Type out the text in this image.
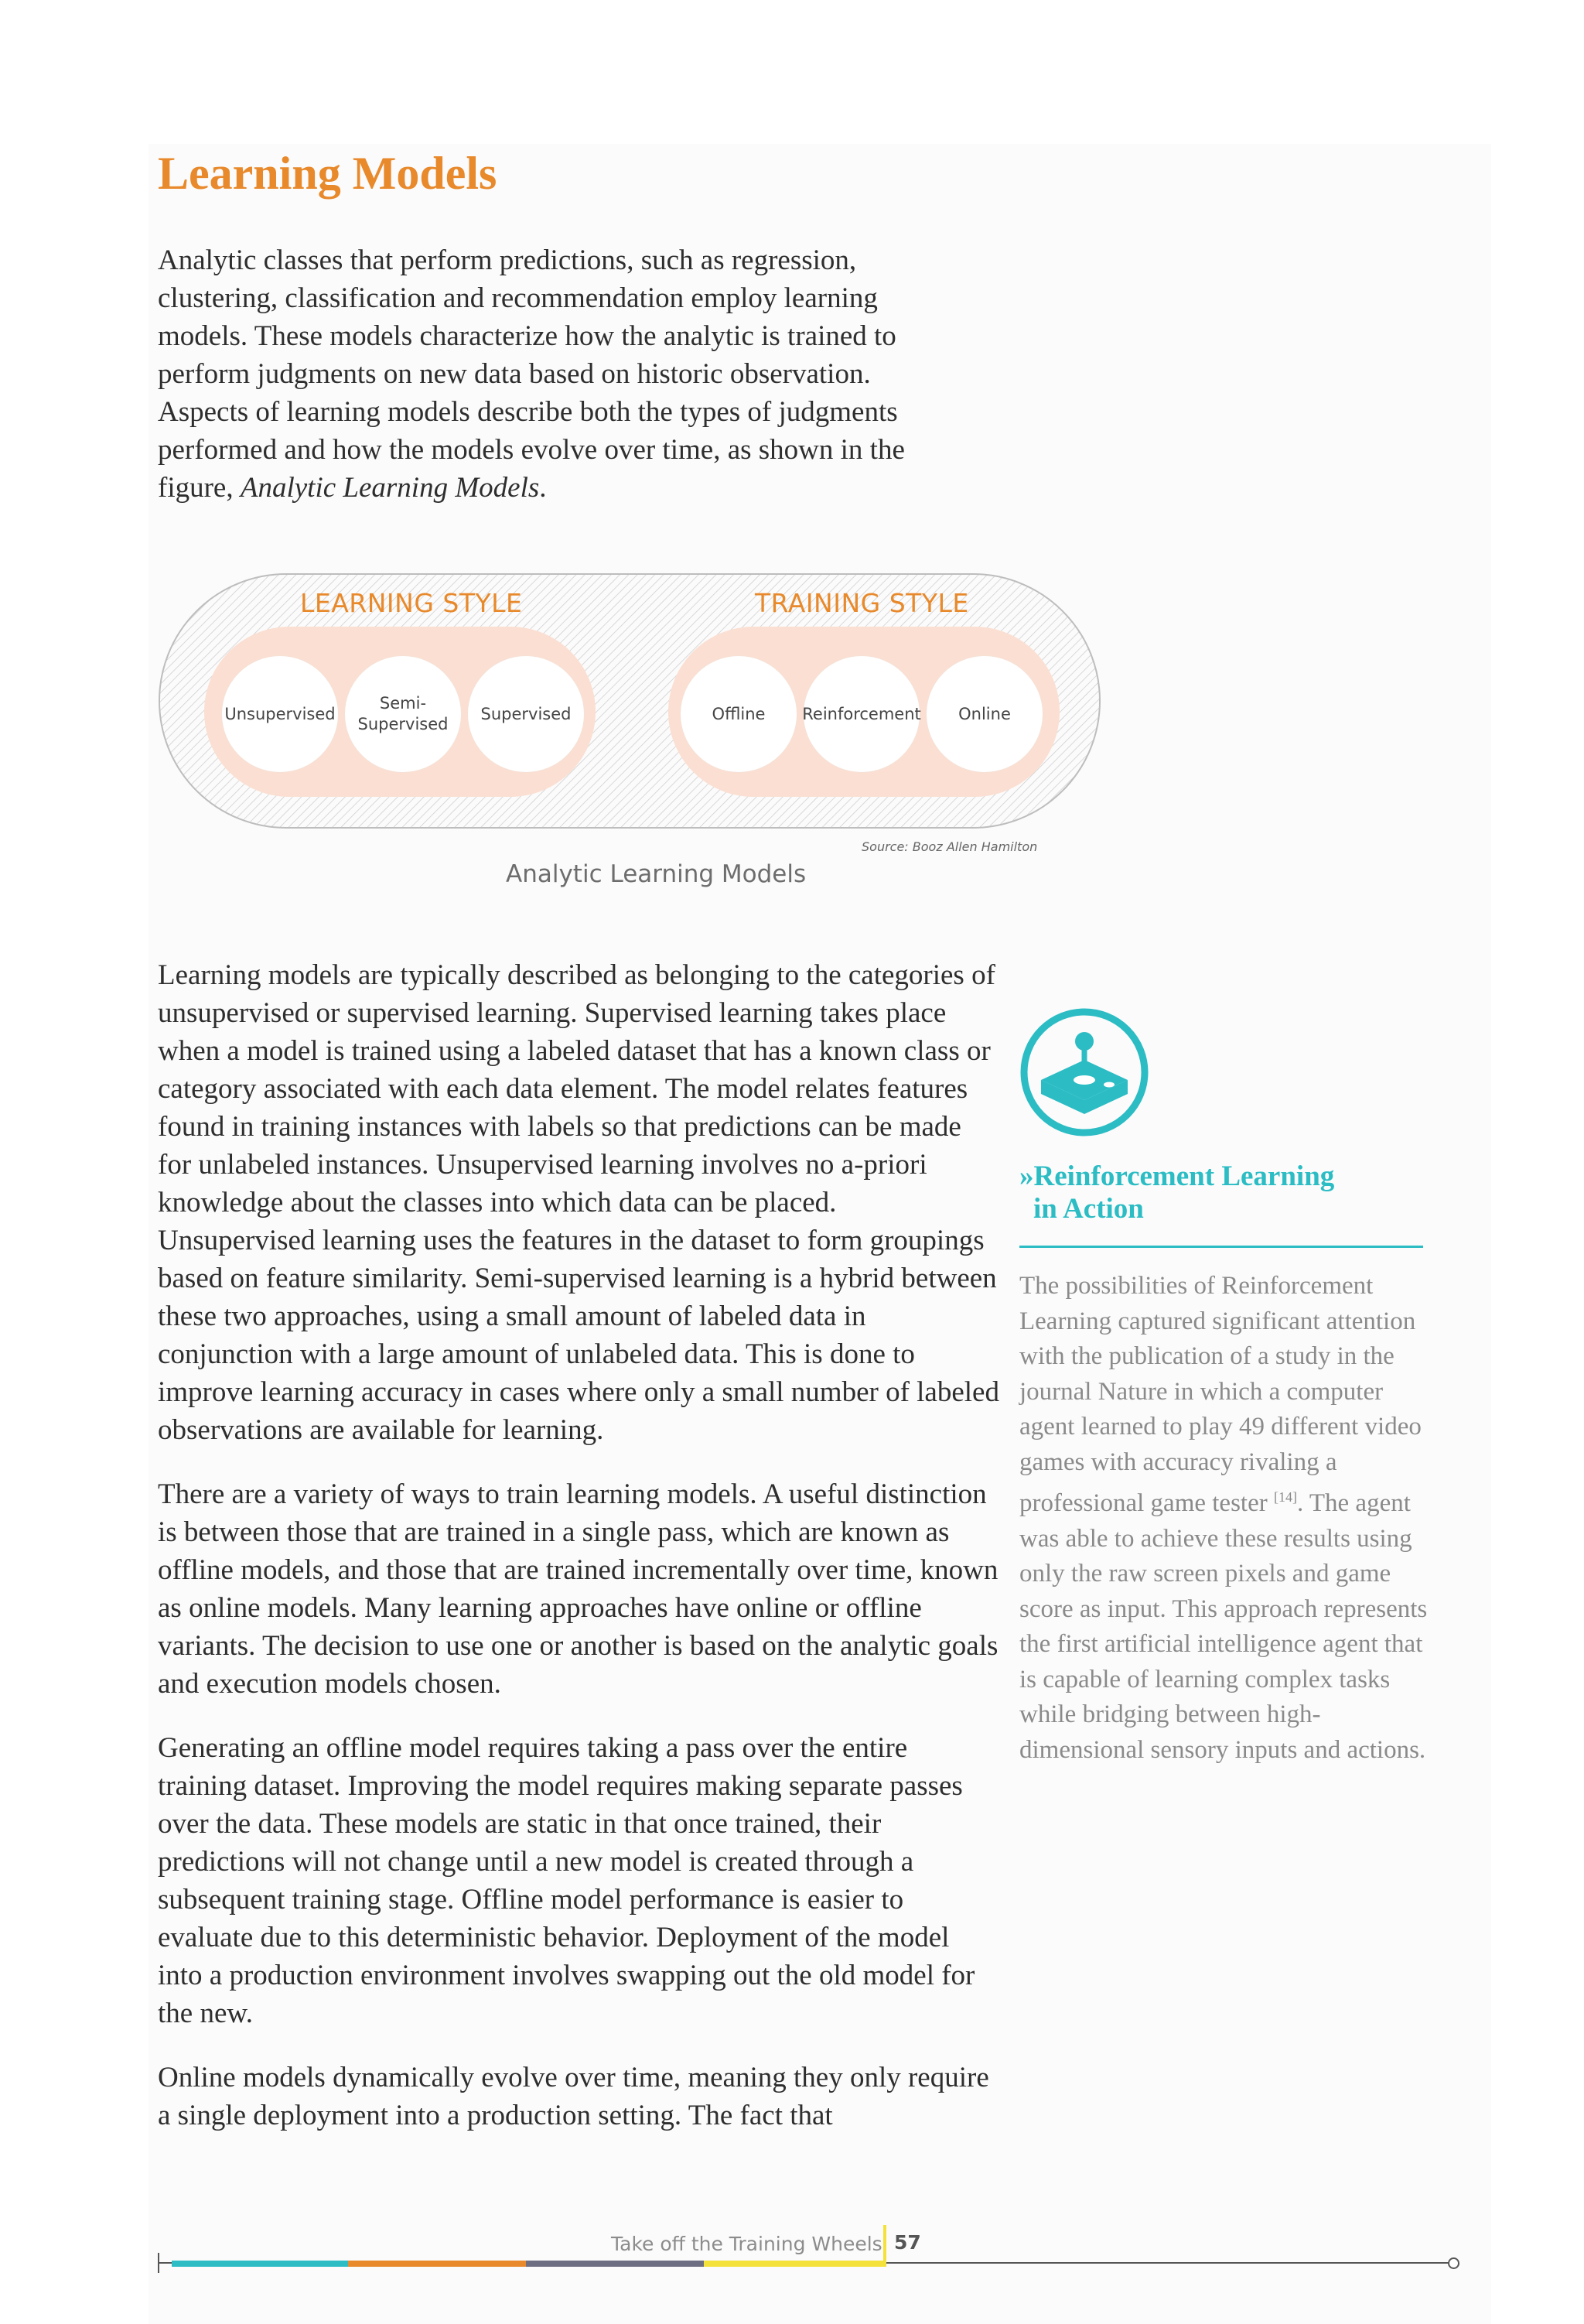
Learning Models

Analytic classes that perform predictions, such as regression, clustering, classification and recommendation employ learning models. These models characterize how the analytic is trained to perform judgments on new data based on historic observation. Aspects of learning models describe both the types of judgments performed and how the models evolve over time, as shown in the figure, Analytic Learning Models.

LEARNING STYLE	TRAINING STYLE
Unsupervised
Semi-
Supervised
Supervised	Offline	Reinforcement	Online
Source: Booz Allen Hamilton

Analytic Learning Models

Learning models are typically described as belonging to the categories of unsupervised or supervised learning. Supervised learning takes place when a model is trained using a labeled dataset that has a known class or category associated with each data element. The model relates features found in training instances with labels so that predictions can be made for unlabeled instances. Unsupervised learning involves no a-priori knowledge about the classes into which data can be placed. Unsupervised learning uses the features in the dataset to form groupings based on feature similarity. Semi-supervised learning is a hybrid between these two approaches, using a small amount of labeled data in conjunction with a large amount of unlabeled data. This is done to improve learning accuracy in cases where only a small number of labeled observations are available for learning.

There are a variety of ways to train learning models. A useful distinction is between those that are trained in a single pass, which are known as offline models, and those that are trained incrementally over time, known as online models. Many learning approaches have online or offline variants. The decision to use one or another is based on the analytic goals and execution models chosen.

Generating an offline model requires taking a pass over the entire training dataset. Improving the model requires making separate passes over the data. These models are static in that once trained, their predictions will not change until a new model is created through a subsequent training stage. Offline model performance is easier to evaluate due to this deterministic behavior. Deployment of the model into a production environment involves swapping out the old model for the new.

Online models dynamically evolve over time, meaning they only require a single deployment into a production setting. The fact that

»Reinforcement Learning
in Action

The possibilities of Reinforcement Learning captured significant attention with the publication of a study in the journal Nature in which a computer agent learned to play 49 different video games with accuracy rivaling a professional game tester [14]. The agent was able to achieve these results using only the raw screen pixels and game score as input. This approach represents the first artificial intelligence agent that is capable of learning complex tasks while bridging between high-dimensional sensory inputs and actions.

Take off the Training Wheels 57
